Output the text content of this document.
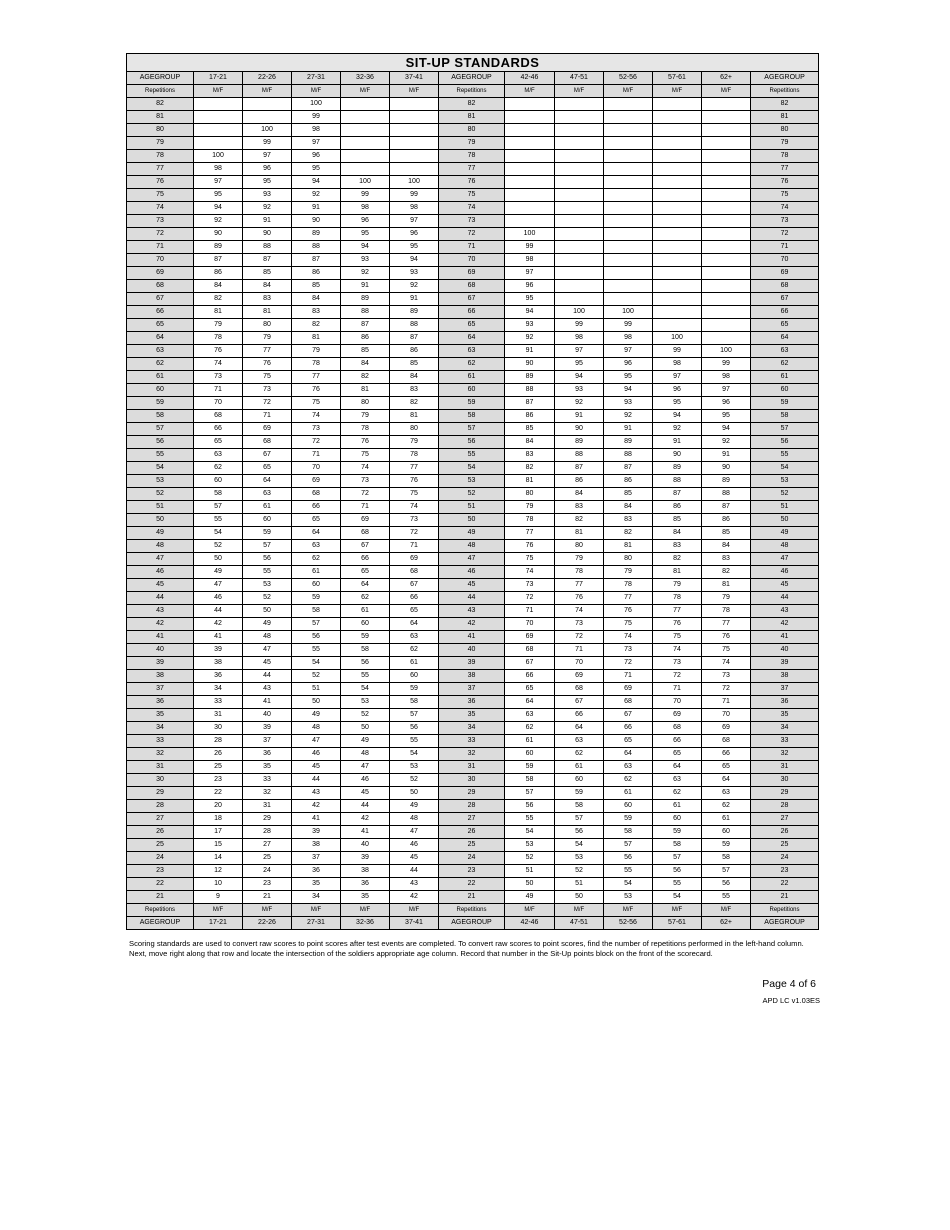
SIT-UP STANDARDS												
AGEGROUP	17-21	22-26	27-31	32-36	37-41	AGEGROUP	42-46	47-51	52-56	57-61	62+	AGEGROUP
Repetitions	M/F	M/F	M/F	M/F	M/F	Repetitions	M/F	M/F	M/F	M/F	M/F	Repetitions
82			100			82						82
81			99			81						81
80		100	98			80						80
79		99	97			79						79
78	100	97	96			78						78
77	98	96	95			77						77
76	97	95	94	100	100	76						76
75	95	93	92	99	99	75						75
74	94	92	91	98	98	74						74
73	92	91	90	96	97	73						73
72	90	90	89	95	96	72	100					72
71	89	88	88	94	95	71	99					71
70	87	87	87	93	94	70	98					70
69	86	85	86	92	93	69	97					69
68	84	84	85	91	92	68	96					68
67	82	83	84	89	91	67	95					67
66	81	81	83	88	89	66	94	100	100			66
65	79	80	82	87	88	65	93	99	99			65
64	78	79	81	86	87	64	92	98	98	100		64
63	76	77	79	85	86	63	91	97	97	99	100	63
62	74	76	78	84	85	62	90	95	96	98	99	62
61	73	75	77	82	84	61	89	94	95	97	98	61
60	71	73	76	81	83	60	88	93	94	96	97	60
59	70	72	75	80	82	59	87	92	93	95	96	59
58	68	71	74	79	81	58	86	91	92	94	95	58
57	66	69	73	78	80	57	85	90	91	92	94	57
56	65	68	72	76	79	56	84	89	89	91	92	56
55	63	67	71	75	78	55	83	88	88	90	91	55
54	62	65	70	74	77	54	82	87	87	89	90	54
53	60	64	69	73	76	53	81	86	86	88	89	53
52	58	63	68	72	75	52	80	84	85	87	88	52
51	57	61	66	71	74	51	79	83	84	86	87	51
50	55	60	65	69	73	50	78	82	83	85	86	50
49	54	59	64	68	72	49	77	81	82	84	85	49
48	52	57	63	67	71	48	76	80	81	83	84	48
47	50	56	62	66	69	47	75	79	80	82	83	47
46	49	55	61	65	68	46	74	78	79	81	82	46
45	47	53	60	64	67	45	73	77	78	79	81	45
44	46	52	59	62	66	44	72	76	77	78	79	44
43	44	50	58	61	65	43	71	74	76	77	78	43
42	42	49	57	60	64	42	70	73	75	76	77	42
41	41	48	56	59	63	41	69	72	74	75	76	41
40	39	47	55	58	62	40	68	71	73	74	75	40
39	38	45	54	56	61	39	67	70	72	73	74	39
38	36	44	52	55	60	38	66	69	71	72	73	38
37	34	43	51	54	59	37	65	68	69	71	72	37
36	33	41	50	53	58	36	64	67	68	70	71	36
35	31	40	49	52	57	35	63	66	67	69	70	35
34	30	39	48	50	56	34	62	64	66	68	69	34
33	28	37	47	49	55	33	61	63	65	66	68	33
32	26	36	46	48	54	32	60	62	64	65	66	32
31	25	35	45	47	53	31	59	61	63	64	65	31
30	23	33	44	46	52	30	58	60	62	63	64	30
29	22	32	43	45	50	29	57	59	61	62	63	29
28	20	31	42	44	49	28	56	58	60	61	62	28
27	18	29	41	42	48	27	55	57	59	60	61	27
26	17	28	39	41	47	26	54	56	58	59	60	26
25	15	27	38	40	46	25	53	54	57	58	59	25
24	14	25	37	39	45	24	52	53	56	57	58	24
23	12	24	36	38	44	23	51	52	55	56	57	23
22	10	23	35	36	43	22	50	51	54	55	56	22
21	9	21	34	35	42	21	49	50	53	54	55	21
Repetitions	M/F	M/F	M/F	M/F	M/F	Repetitions	M/F	M/F	M/F	M/F	M/F	Repetitions
AGEGROUP	17-21	22-26	27-31	32-36	37-41	AGEGROUP	42-46	47-51	52-56	57-61	62+	AGEGROUP

Scoring standards are used to convert raw scores to point scores after test events are completed. To convert raw scores to point scores, find the number of repetitions performed in the left-hand column. Next, move right along that row and locate the intersection of the soldiers appropriate age column. Record that number in the Sit-Up points block on the front of the scorecard.

Page 4 of 6
APD LC v1.03ES
